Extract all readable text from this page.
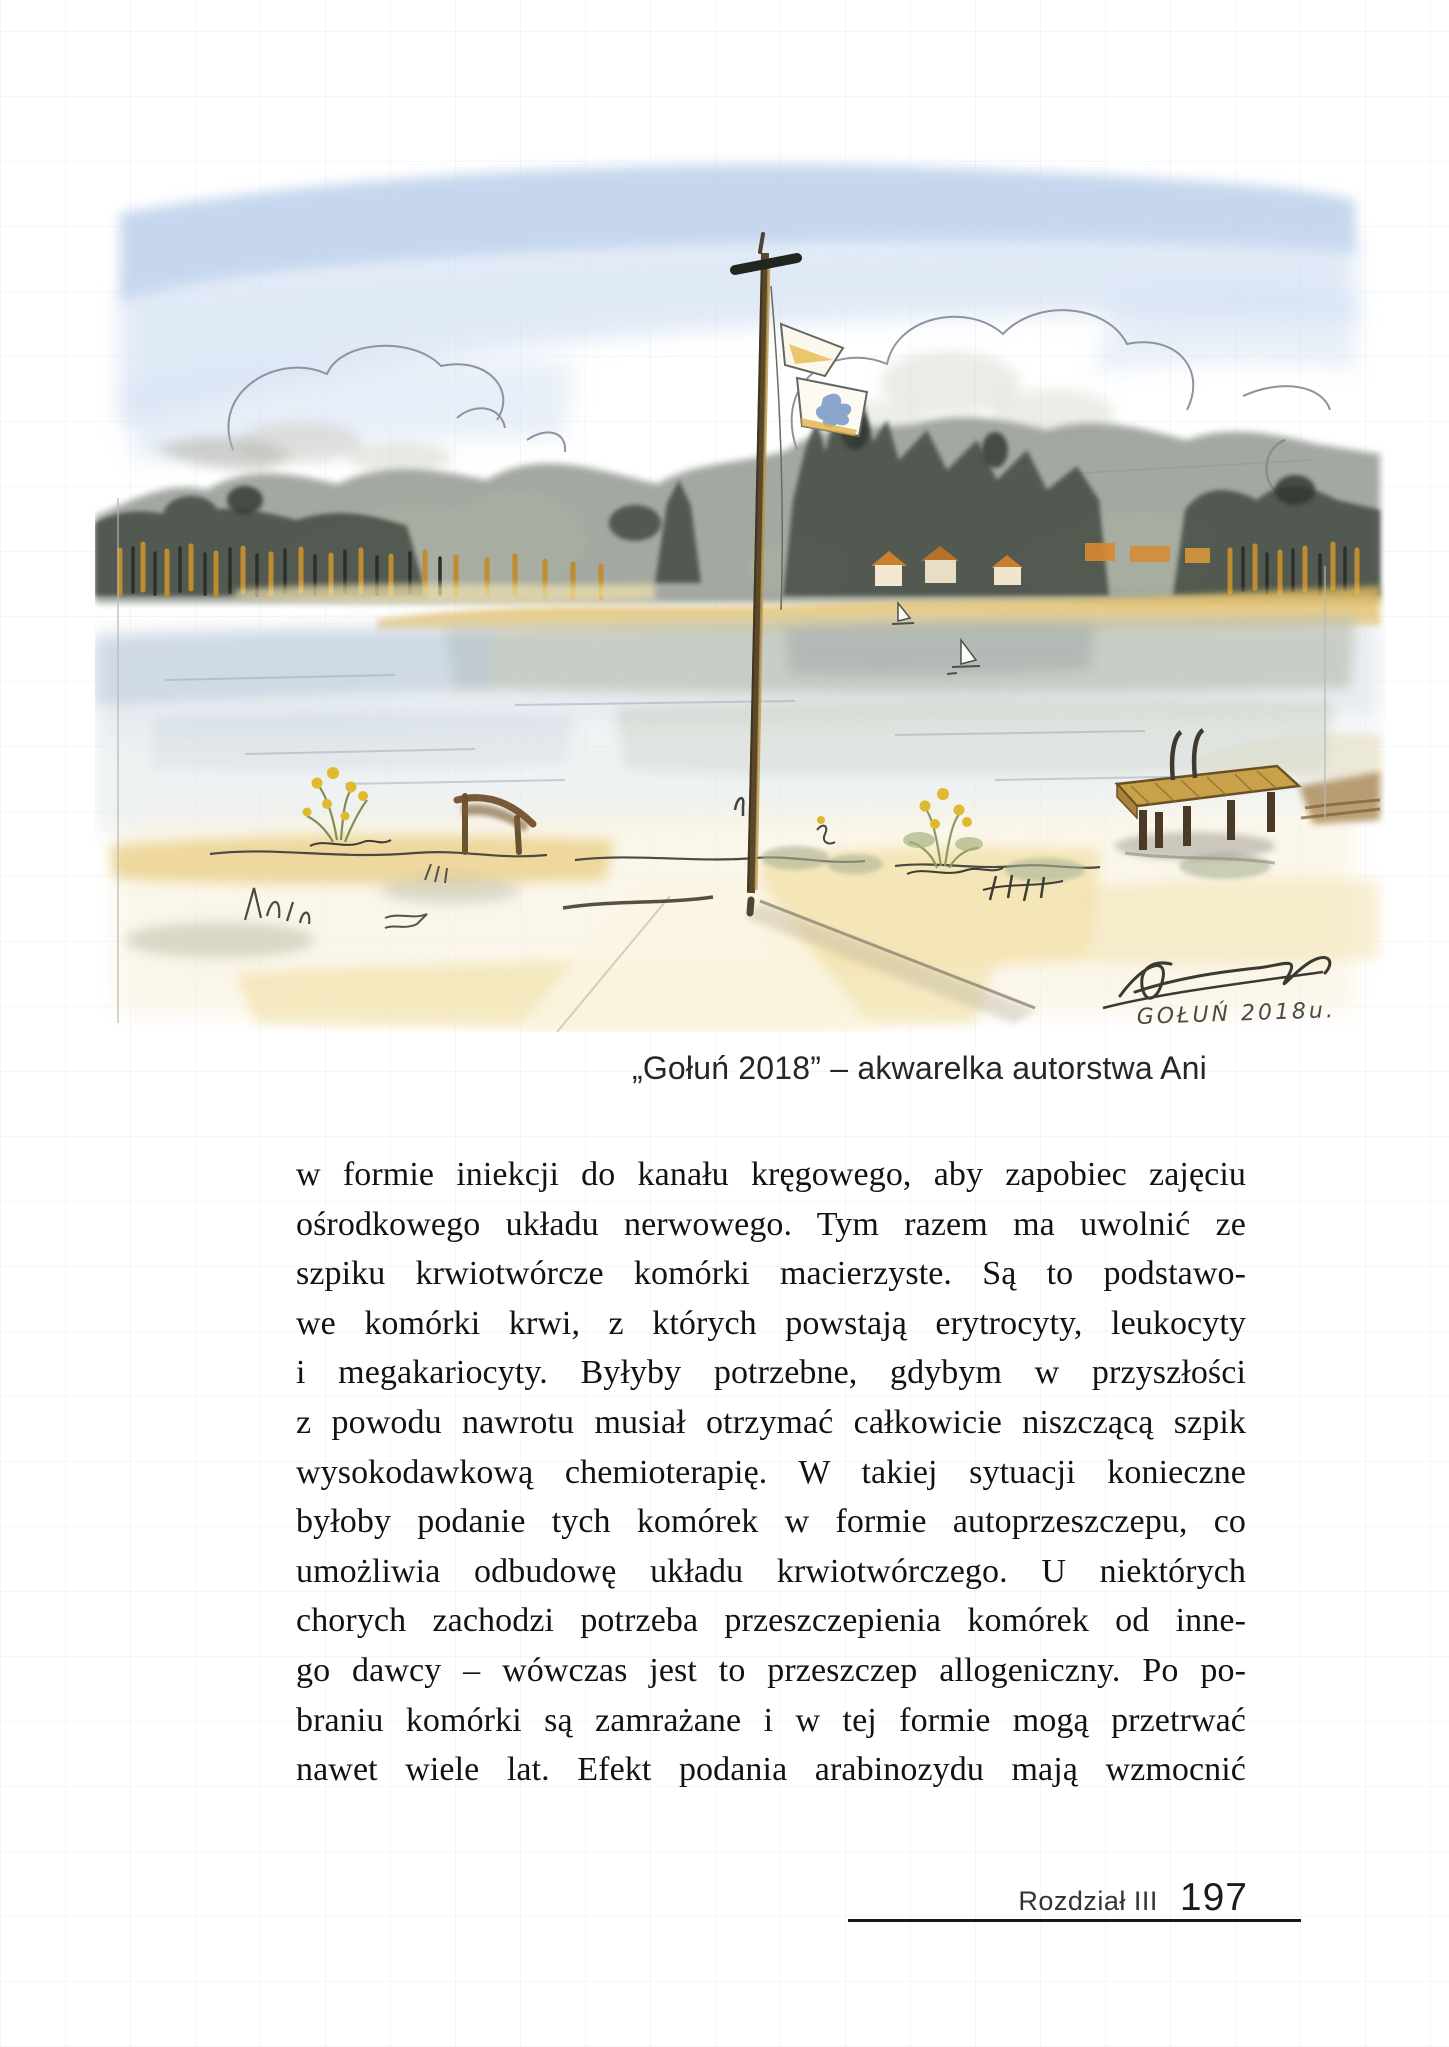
GOŁUŃ 2018u.
„Gołuń 2018” – akwarelka autorstwa Ani
w formie iniekcji do kanału kręgowego, aby zapobiec zajęciu
ośrodkowego układu nerwowego. Tym razem ma uwolnić ze
szpiku krwiotwórcze komórki macierzyste. Są to podstawo-
we komórki krwi, z których powstają erytrocyty, leukocyty
i megakariocyty. Byłyby potrzebne, gdybym w przyszłości
z powodu nawrotu musiał otrzymać całkowicie niszczącą szpik
wysokodawkową chemioterapię. W takiej sytuacji konieczne
byłoby podanie tych komórek w formie autoprzeszczepu, co
umożliwia odbudowę układu krwiotwórczego. U niektórych
chorych zachodzi potrzeba przeszczepienia komórek od inne-
go dawcy – wówczas jest to przeszczep allogeniczny. Po po-
braniu komórki są zamrażane i w tej formie mogą przetrwać
nawet wiele lat. Efekt podania arabinozydu mają wzmocnić
Rozdział III 197
